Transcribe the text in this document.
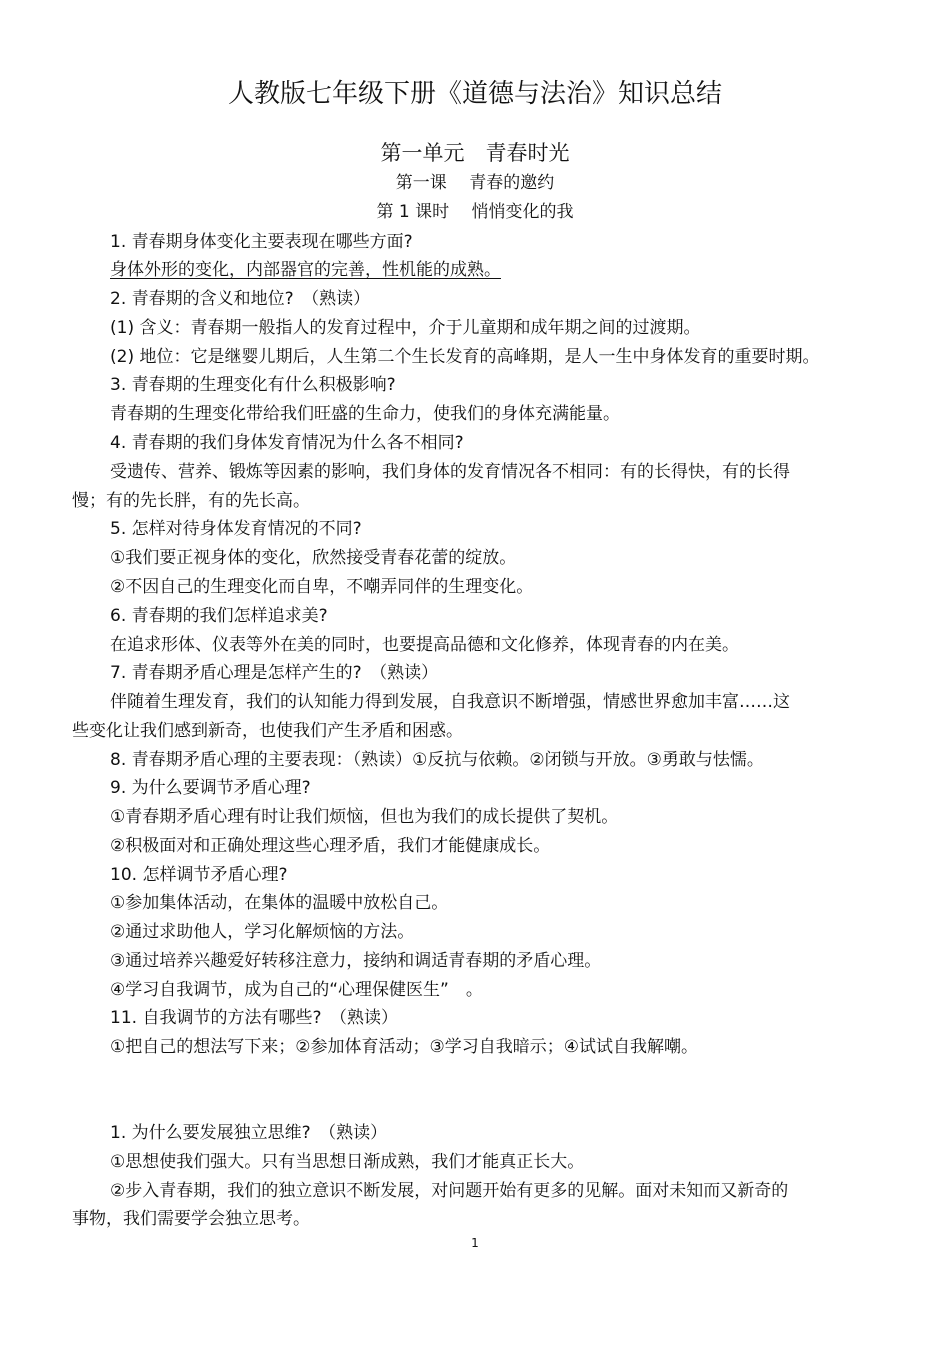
人教版七年级下册《道德与法治》知识总结
第一单元　青春时光
第一课　 青春的邀约
第 1 课时　 悄悄变化的我
1. 青春期身体变化主要表现在哪些方面?
身体外形的变化，内部器官的完善，性机能的成熟。
2. 青春期的含义和地位?　（熟读）
(1) 含义：青春期一般指人的发育过程中，介于儿童期和成年期之间的过渡期。
(2) 地位：它是继婴儿期后，人生第二个生长发育的高峰期，是人一生中身体发育的重要时期。
3. 青春期的生理变化有什么积极影响?
青春期的生理变化带给我们旺盛的生命力，使我们的身体充满能量。
4. 青春期的我们身体发育情况为什么各不相同?
受遗传、营养、锻炼等因素的影响，我们身体的发育情况各不相同：有的长得快，有的长得
慢；有的先长胖，有的先长高。
5. 怎样对待身体发育情况的不同?
①我们要正视身体的变化，欣然接受青春花蕾的绽放。
②不因自己的生理变化而自卑，不嘲弄同伴的生理变化。
6. 青春期的我们怎样追求美?
在追求形体、仪表等外在美的同时，也要提高品德和文化修养，体现青春的内在美。
7. 青春期矛盾心理是怎样产生的?　（熟读）
伴随着生理发育，我们的认知能力得到发展，自我意识不断增强，情感世界愈加丰富……这
些变化让我们感到新奇，也使我们产生矛盾和困惑。
8. 青春期矛盾心理的主要表现：（熟读）①反抗与依赖。②闭锁与开放。③勇敢与怯懦。
9. 为什么要调节矛盾心理?
①青春期矛盾心理有时让我们烦恼，但也为我们的成长提供了契机。
②积极面对和正确处理这些心理矛盾，我们才能健康成长。
10. 怎样调节矛盾心理?
①参加集体活动，在集体的温暖中放松自己。
②通过求助他人，学习化解烦恼的方法。
③通过培养兴趣爱好转移注意力，接纳和调适青春期的矛盾心理。
④学习自我调节，成为自己的“心理保健医生”　。
11. 自我调节的方法有哪些?　（熟读）
①把自己的想法写下来；②参加体育活动；③学习自我暗示；④试试自我解嘲。
1. 为什么要发展独立思维?　（熟读）
①思想使我们强大。只有当思想日渐成熟，我们才能真正长大。
②步入青春期，我们的独立意识不断发展，对问题开始有更多的见解。面对未知而又新奇的
事物，我们需要学会独立思考。
1
